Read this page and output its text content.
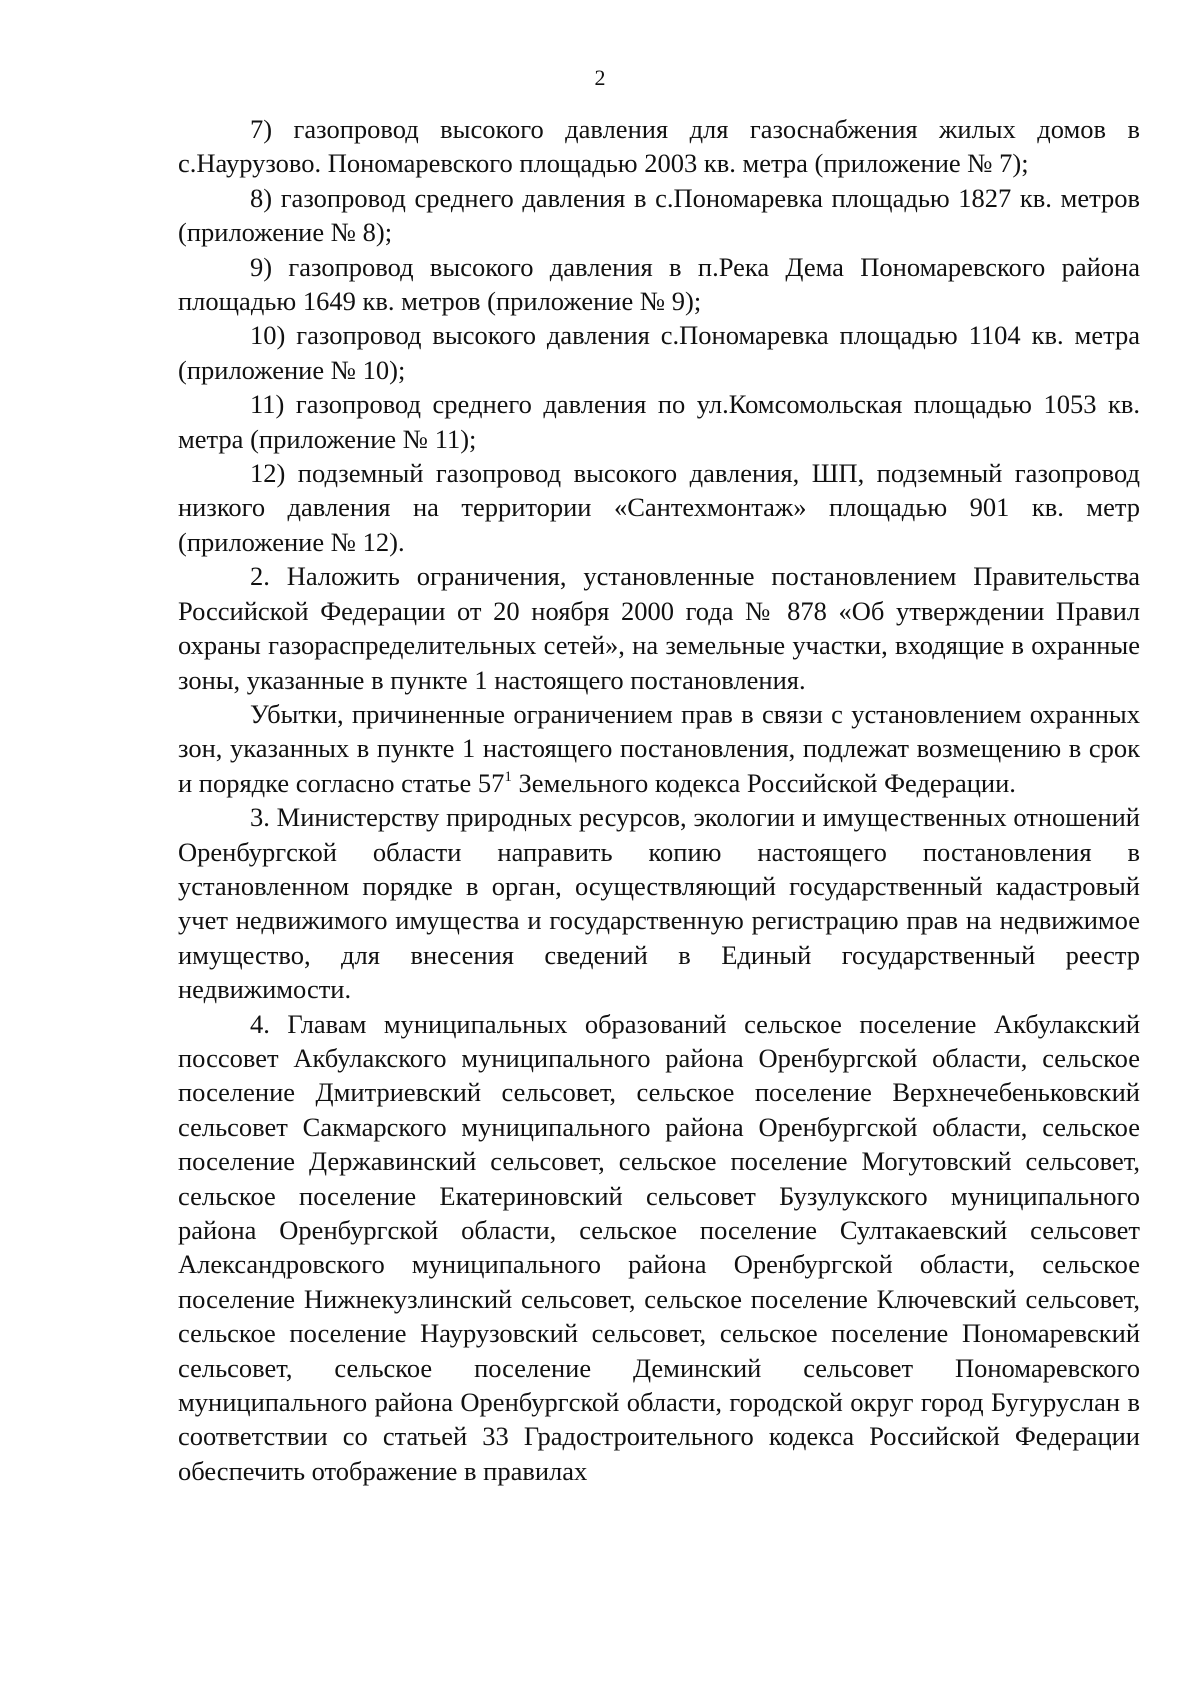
2

7) газопровод высокого давления для газоснабжения жилых домов в с.Наурузово. Пономаревского площадью 2003 кв. метра (приложение № 7);

8) газопровод среднего давления в с.Пономаревка площадью 1827 кв. метров (приложение № 8);

9) газопровод высокого давления в п.Река Дема Пономаревского района площадью 1649 кв. метров (приложение № 9);

10) газопровод высокого давления с.Пономаревка площадью 1104 кв. метра (приложение № 10);

11) газопровод среднего давления по ул.Комсомольская площадью 1053 кв. метра (приложение № 11);

12) подземный газопровод высокого давления, ШП, подземный газопровод низкого давления на территории «Сантехмонтаж» площадью 901 кв. метр (приложение № 12).

2. Наложить ограничения, установленные постановлением Правительства Российской Федерации от 20 ноября 2000 года № 878 «Об утверждении Правил охраны газораспределительных сетей», на земельные участки, входящие в охранные зоны, указанные в пункте 1 настоящего постановления.

Убытки, причиненные ограничением прав в связи с установлением охранных зон, указанных в пункте 1 настоящего постановления, подлежат возмещению в срок и порядке согласно статье $57^1$ Земельного кодекса Российской Федерации.

3. Министерству природных ресурсов, экологии и имущественных отношений Оренбургской области направить копию настоящего постановления в установленном порядке в орган, осуществляющий государственный кадастровый учет недвижимого имущества и государственную регистрацию прав на недвижимое имущество, для внесения сведений в Единый государственный реестр недвижимости.

4. Главам муниципальных образований сельское поселение Акбулакский поссовет Акбулакского муниципального района Оренбургской области, сельское поселение Дмитриевский сельсовет, сельское поселение Верхнечебеньковский сельсовет Сакмарского муниципального района Оренбургской области, сельское поселение Державинский сельсовет, сельское поселение Могутовский сельсовет, сельское поселение Екатериновский сельсовет Бузулукского муниципального района Оренбургской области, сельское поселение Султакаевский сельсовет Александровского муниципального района Оренбургской области, сельское поселение Нижнекузлинский сельсовет, сельское поселение Ключевский сельсовет, сельское поселение Наурузовский сельсовет, сельское поселение Пономаревский сельсовет, сельское поселение Деминский сельсовет Пономаревского муниципального района Оренбургской области, городской округ город Бугуруслан в соответствии со статьей 33 Градостроительного кодекса Российской Федерации обеспечить отображение в правилах
